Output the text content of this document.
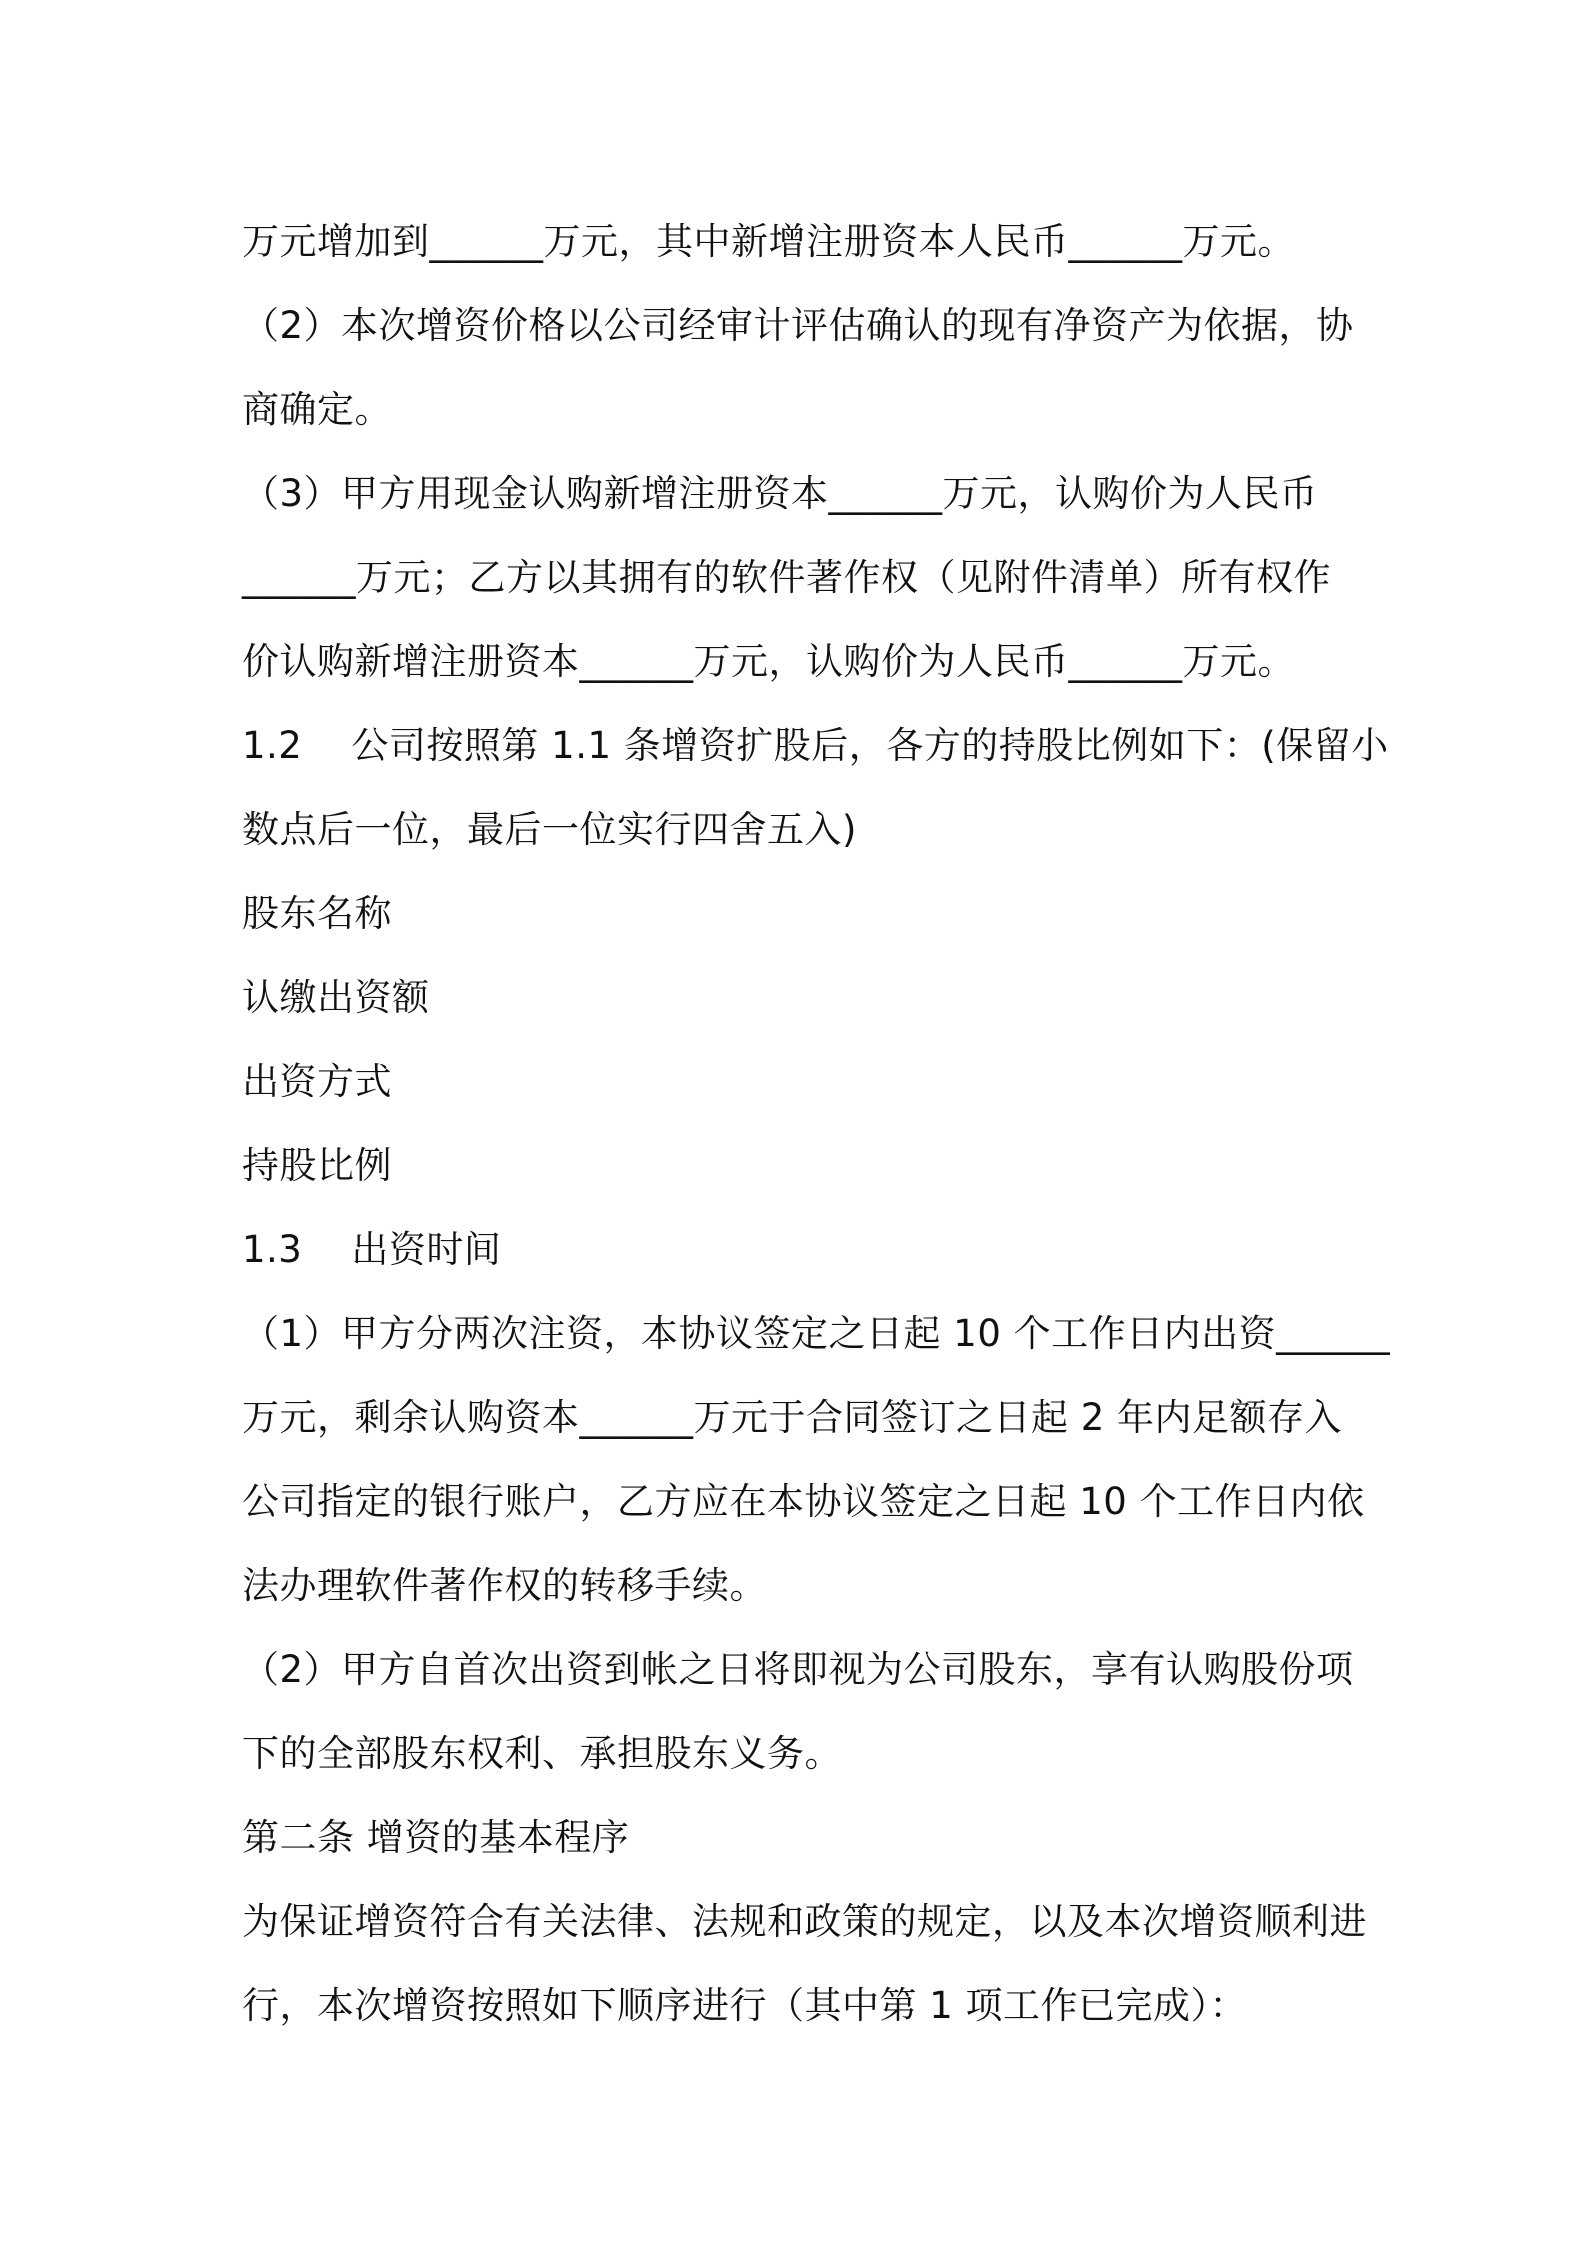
万元增加到______万元，其中新增注册资本人民币______万元。
（2）本次增资价格以公司经审计评估确认的现有净资产为依据，协
商确定。
（3）甲方用现金认购新增注册资本______万元，认购价为人民币
______万元；乙方以其拥有的软件著作权（见附件清单）所有权作
价认购新增注册资本______万元，认购价为人民币______万元。
1.2    公司按照第 1.1 条增资扩股后，各方的持股比例如下：(保留小
数点后一位，最后一位实行四舍五入)
股东名称
认缴出资额
出资方式
持股比例
1.3    出资时间
（1）甲方分两次注资，本协议签定之日起 10 个工作日内出资______
万元，剩余认购资本______万元于合同签订之日起 2 年内足额存入
公司指定的银行账户，乙方应在本协议签定之日起 10 个工作日内依
法办理软件著作权的转移手续。
（2）甲方自首次出资到帐之日将即视为公司股东，享有认购股份项
下的全部股东权利、承担股东义务。
第二条 增资的基本程序
为保证增资符合有关法律、法规和政策的规定，以及本次增资顺利进
行，本次增资按照如下顺序进行（其中第 1 项工作已完成）：
